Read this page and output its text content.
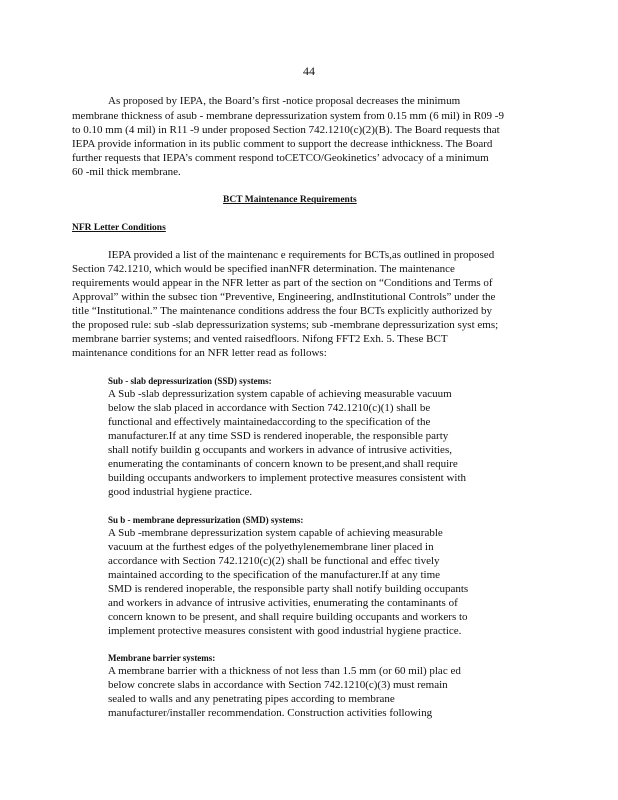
44
As proposed by IEPA, the Board’s first -notice proposal decreases the minimum
membrane thickness of asub - membrane depressurization system from 0.15 mm (6 mil) in R09 -9
to 0.10 mm (4 mil) in R11 -9 under proposed Section 742.1210(c)(2)(B). The Board requests that
IEPA provide information in its public comment to support the decrease inthickness. The Board
further requests that IEPA’s comment respond toCETCO/Geokinetics’ advocacy of a minimum
60 -mil thick membrane.
BCT Maintenance Requirements
NFR Letter Conditions
IEPA provided a list of the maintenanc e requirements for BCTs,as outlined in proposed
Section 742.1210, which would be specified inanNFR determination. The maintenance
requirements would appear in the NFR letter as part of the section on “Conditions and Terms of
Approval” within the subsec tion “Preventive, Engineering, andInstitutional Controls” under the
title “Institutional.” The maintenance conditions address the four BCTs explicitly authorized by
the proposed rule: sub -slab depressurization systems; sub -membrane depressurization syst ems;
membrane barrier systems; and vented raisedfloors. Nifong FFT2 Exh. 5. These BCT
maintenance conditions for an NFR letter read as follows:
Sub - slab depressurization (SSD) systems:
A Sub -slab depressurization system capable of achieving measurable vacuum
below the slab placed in accordance with Section 742.1210(c)(1) shall be
functional and effectively maintainedaccording to the specification of the
manufacturer.If at any time SSD is rendered inoperable, the responsible party
shall notify buildin g occupants and workers in advance of intrusive activities,
enumerating the contaminants of concern known to be present,and shall require
building occupants andworkers to implement protective measures consistent with
good industrial hygiene practice.
Su b - membrane depressurization (SMD) systems:
A Sub -membrane depressurization system capable of achieving measurable
vacuum at the furthest edges of the polyethylenemembrane liner placed in
accordance with Section 742.1210(c)(2) shall be functional and effec tively
maintained according to the specification of the manufacturer.If at any time
SMD is rendered inoperable, the responsible party shall notify building occupants
and workers in advance of intrusive activities, enumerating the contaminants of
concern known to be present, and shall require building occupants and workers to
implement protective measures consistent with good industrial hygiene practice.
Membrane barrier systems:
A membrane barrier with a thickness of not less than 1.5 mm (or 60 mil) plac ed
below concrete slabs in accordance with Section 742.1210(c)(3) must remain
sealed to walls and any penetrating pipes according to membrane
manufacturer/installer recommendation. Construction activities following
